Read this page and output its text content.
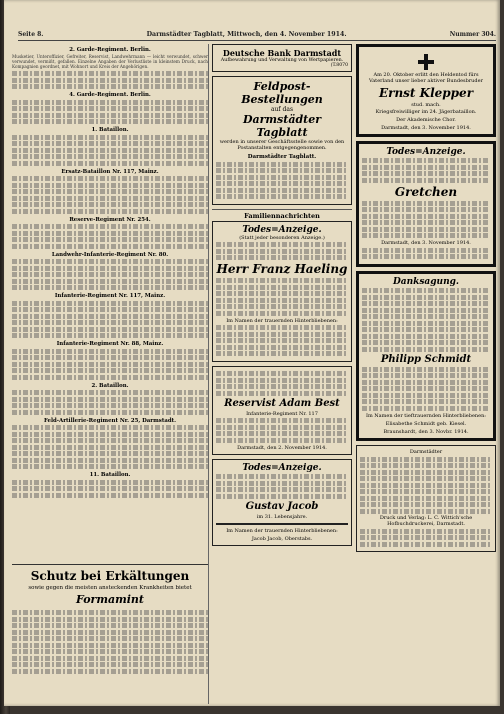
Seite 8.	Darmstädter Tagblatt, Mittwoch, den 4. November 1914.	Nummer 304.
2. Garde-Regiment. Berlin.

Musketier, Unteroffizier, Gefreiter, Reservist, Landwehrmann — leicht verwundet, schwer verwundet, vermißt, gefallen. Einzelne Angaben der Verlustliste in kleinstem Druck, nach Kompagnien geordnet, mit Wohnort und Kreis der Angehörigen.

4. Garde-Regiment. Berlin.
1. Bataillon.
Ersatz-Bataillon Nr. 117, Mainz.
Reserve-Regiment Nr. 254.
Landwehr-Infanterie-Regiment Nr. 80.
Infanterie-Regiment Nr. 117, Mainz.
Infanterie-Regiment Nr. 88, Mainz.
2. Bataillon.
Feld-Artillerie-Regiment Nr. 25, Darmstadt.
11. Bataillon.
Schutz bei Erkältungen
sowie gegen die meisten ansteckenden Krankheiten bietet
Formamint
Deutsche Bank Darmstadt
Aufbewahrung und Verwaltung von Wertpapieren.
(T.8070
Feldpost-Bestellungen
auf das
Darmstädter Tagblatt
werden in unserer Geschäftsstelle sowie von den Postanstalten entgegengenommen.
Darmstädter Tagblatt.
Familiennachrichten
Todes=Anzeige.
(Statt jeder besonderen Anzeige.)
Herr Franz Haeling
Im Namen der trauernden Hinterbliebenen:
Reservist Adam Best
Infanterie-Regiment Nr. 117
Darmstadt, den 2. November 1914.
Todes=Anzeige.
Gustav Jacob
im 31. Lebensjahre.
Im Namen der trauernden Hinterbliebenen:
Jacob Jacob, Oberstabs.
Am 20. Oktober erlitt den Heldentod fürs Vaterland unser lieber aktiver Bundesbruder
Ernst Klepper
stud. mach.
Kriegsfreiwilliger im 24. Jägerbataillon.
Der Akademische Chor.
Darmstadt, den 3. November 1914.
Todes=Anzeige.
Gretchen
Darmstadt, den 3. November 1914.
Danksagung.
Philipp Schmidt
Im Namen der tieftrauernden Hinterbliebenen:
Elisabethe Schmidt geb. Kiesel.
Braunshardt, den 3. Novbr. 1914.
Darmstädter
Druck und Verlag: L. C. Wittich'sche Hofbuchdruckerei, Darmstadt.
